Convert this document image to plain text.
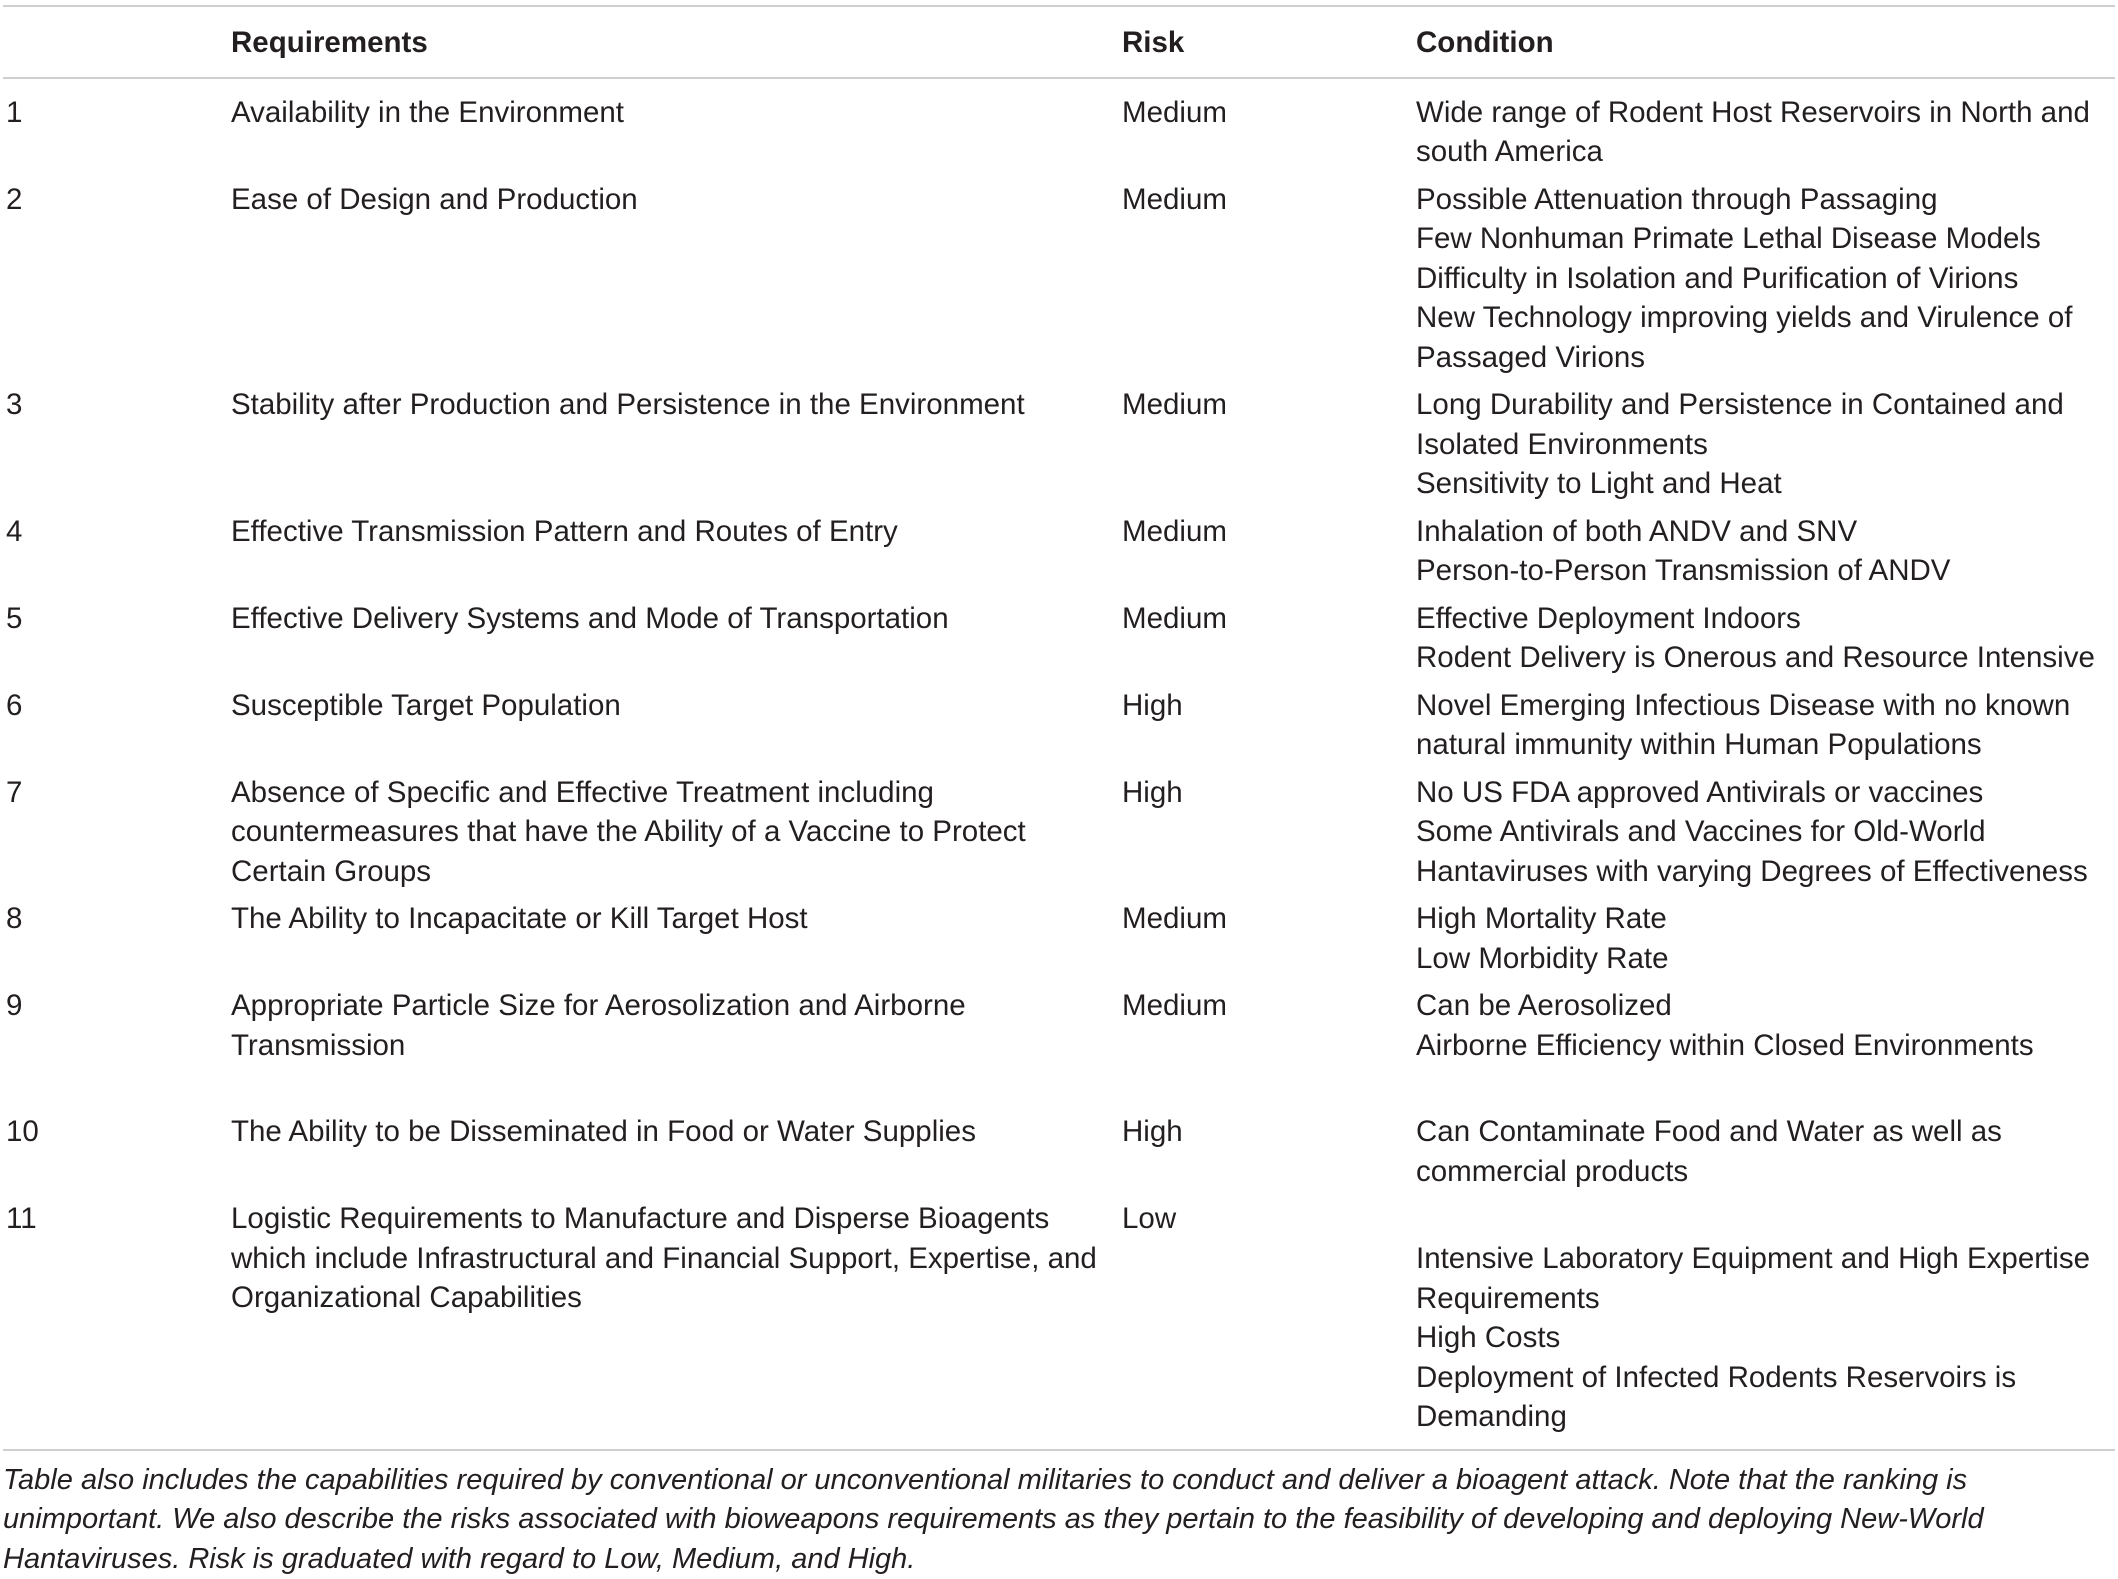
	Requirements	Risk	Condition
1	Availability in the Environment	Medium	Wide range of Rodent Host Reservoirs in North and south America

2	Ease of Design and Production	Medium	Possible Attenuation through Passaging
Few Nonhuman Primate Lethal Disease Models
Difficulty in Isolation and Purification of Virions
New Technology improving yields and Virulence of Passaged Virions

3	Stability after Production and Persistence in the Environment	Medium	Long Durability and Persistence in Contained and Isolated Environments
Sensitivity to Light and Heat

4	Effective Transmission Pattern and Routes of Entry	Medium	Inhalation of both ANDV and SNV
Person-to-Person Transmission of ANDV

5	Effective Delivery Systems and Mode of Transportation	Medium	Effective Deployment Indoors
Rodent Delivery is Onerous and Resource Intensive

6	Susceptible Target Population	High	Novel Emerging Infectious Disease with no known natural immunity within Human Populations

7	Absence of Specific and Effective Treatment including countermeasures that have the Ability of a Vaccine to Protect Certain Groups	High	No US FDA approved Antivirals or vaccines
Some Antivirals and Vaccines for Old-World Hantaviruses with varying Degrees of Effectiveness

8	The Ability to Incapacitate or Kill Target Host	Medium	High Mortality Rate
Low Morbidity Rate

9	Appropriate Particle Size for Aerosolization and Airborne Transmission	Medium	Can be Aerosolized
Airborne Efficiency within Closed Environments

10	The Ability to be Disseminated in Food or Water Supplies	High	Can Contaminate Food and Water as well as commercial products

11	Logistic Requirements to Manufacture and Disperse Bioagents which include Infrastructural and Financial Support, Expertise, and Organizational Capabilities	Low	Intensive Laboratory Equipment and High Expertise Requirements
High Costs
Deployment of Infected Rodents Reservoirs is Demanding

Table also includes the capabilities required by conventional or unconventional militaries to conduct and deliver a bioagent attack. Note that the ranking is unimportant. We also describe the risks associated with bioweapons requirements as they pertain to the feasibility of developing and deploying New-World Hantaviruses. Risk is graduated with regard to Low, Medium, and High.
